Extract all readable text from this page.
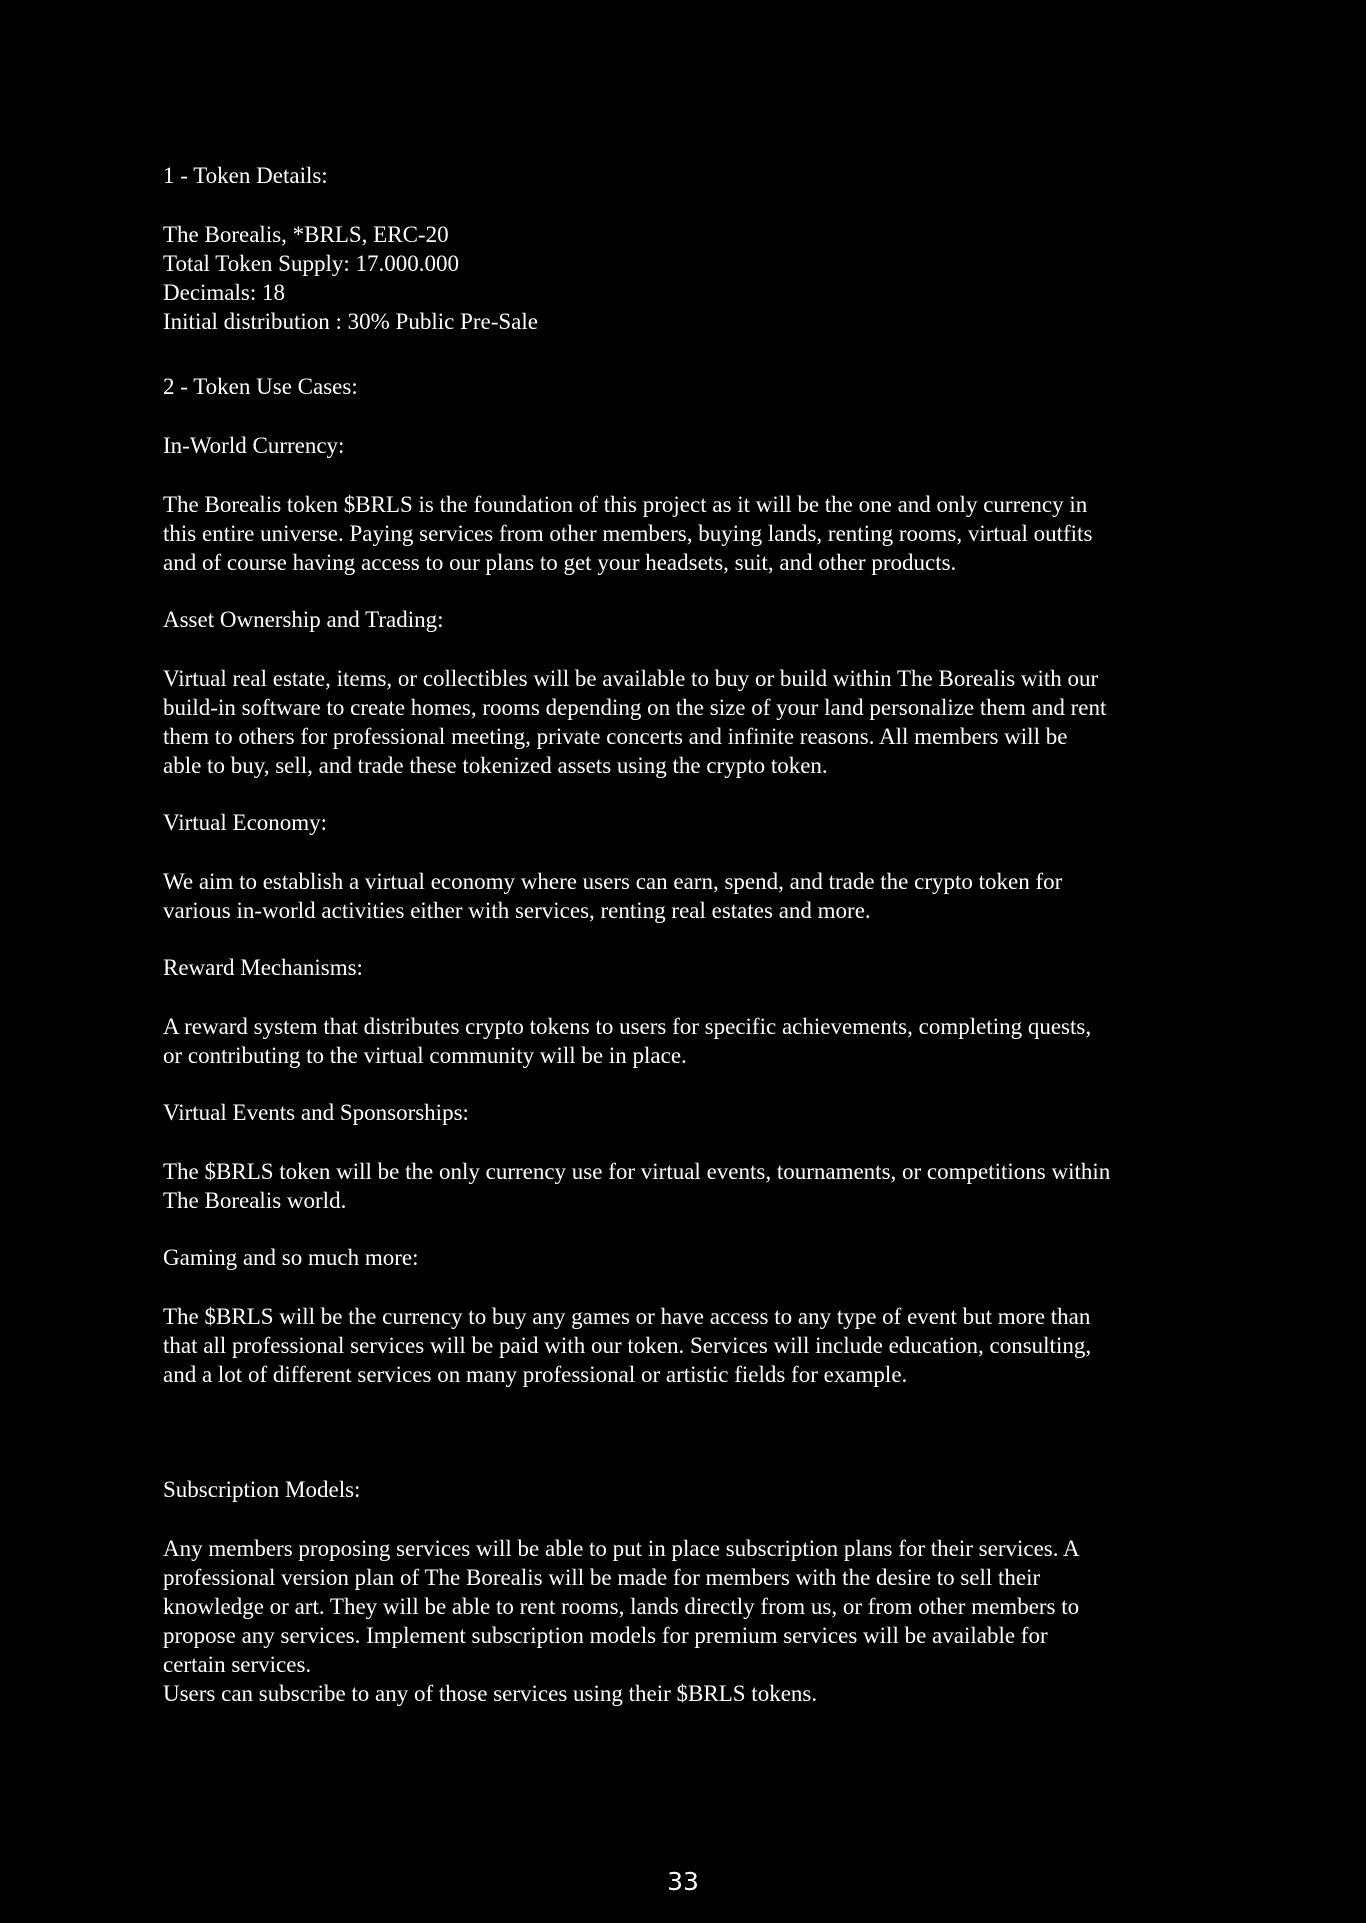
1 - Token Details:

The Borealis, *BRLS, ERC-20

Total Token Supply: 17.000.000

Decimals: 18

Initial distribution : 30% Public Pre-Sale

2 - Token Use Cases:

In-World Currency:

The Borealis token $BRLS is the foundation of this project as it will be the one and only currency in

this entire universe. Paying services from other members, buying lands, renting rooms, virtual outfits

and of course having access to our plans to get your headsets, suit, and other products.

Asset Ownership and Trading:

Virtual real estate, items, or collectibles will be available to buy or build within The Borealis with our

build-in software to create homes, rooms depending on the size of your land personalize them and rent

them to others for professional meeting, private concerts and infinite reasons. All members will be

able to buy, sell, and trade these tokenized assets using the crypto token.

Virtual Economy:

We aim to establish a virtual economy where users can earn, spend, and trade the crypto token for

various in-world activities either with services, renting real estates and more.

Reward Mechanisms:

A reward system that distributes crypto tokens to users for specific achievements, completing quests,

or contributing to the virtual community will be in place.

Virtual Events and Sponsorships:

The $BRLS token will be the only currency use for virtual events, tournaments, or competitions within

The Borealis world.

Gaming and so much more:

The $BRLS will be the currency to buy any games or have access to any type of event but more than

that all professional services will be paid with our token. Services will include education, consulting,

and a lot of different services on many professional or artistic fields for example.

Subscription Models:

Any members proposing services will be able to put in place subscription plans for their services. A

professional version plan of The Borealis will be made for members with the desire to sell their

knowledge or art. They will be able to rent rooms, lands directly from us, or from other members to

propose any services. Implement subscription models for premium services will be available for

certain services.

Users can subscribe to any of those services using their $BRLS tokens.

33
